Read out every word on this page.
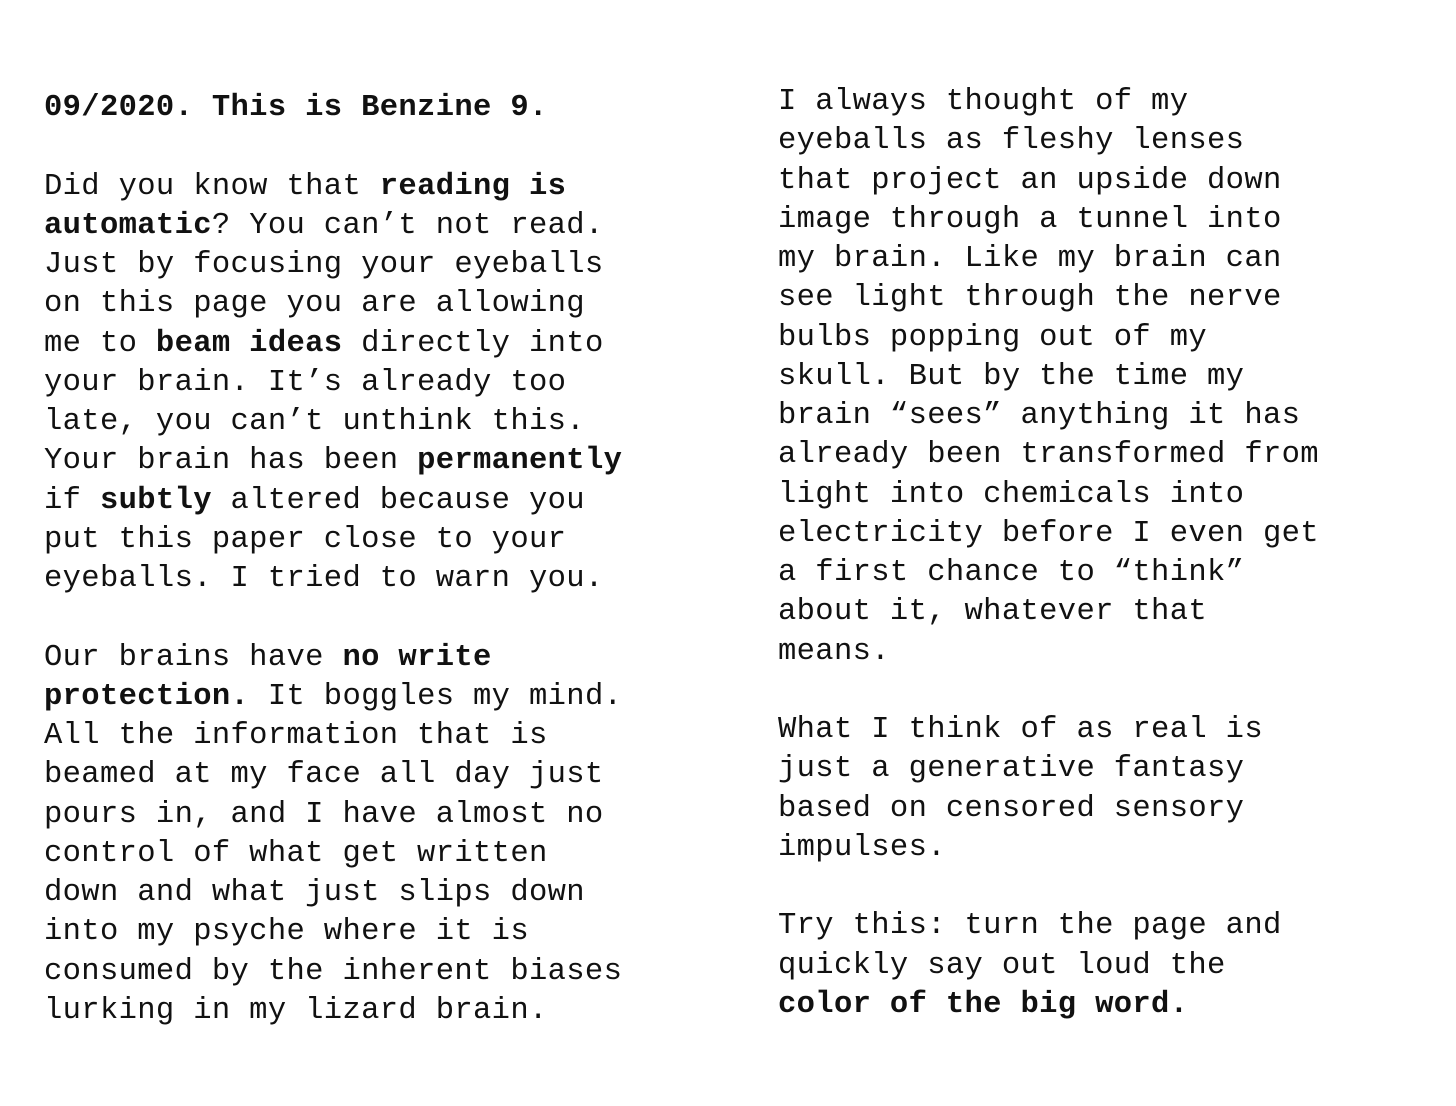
09/2020. This is Benzine 9.
Did you know that reading is
automatic? You can’t not read.
Just by focusing your eyeballs
on this page you are allowing
me to beam ideas directly into
your brain. It’s already too
late, you can’t unthink this.
Your brain has been permanently
if subtly altered because you
put this paper close to your
eyeballs. I tried to warn you.
Our brains have no write
protection. It boggles my mind.
All the information that is
beamed at my face all day just
pours in, and I have almost no
control of what get written
down and what just slips down
into my psyche where it is
consumed by the inherent biases
lurking in my lizard brain.
I always thought of my
eyeballs as fleshy lenses
that project an upside down
image through a tunnel into
my brain. Like my brain can
see light through the nerve
bulbs popping out of my
skull. But by the time my
brain “sees” anything it has
already been transformed from
light into chemicals into
electricity before I even get
a first chance to “think”
about it, whatever that
means.
What I think of as real is
just a generative fantasy
based on censored sensory
impulses.
Try this: turn the page and
quickly say out loud the
color of the big word.
